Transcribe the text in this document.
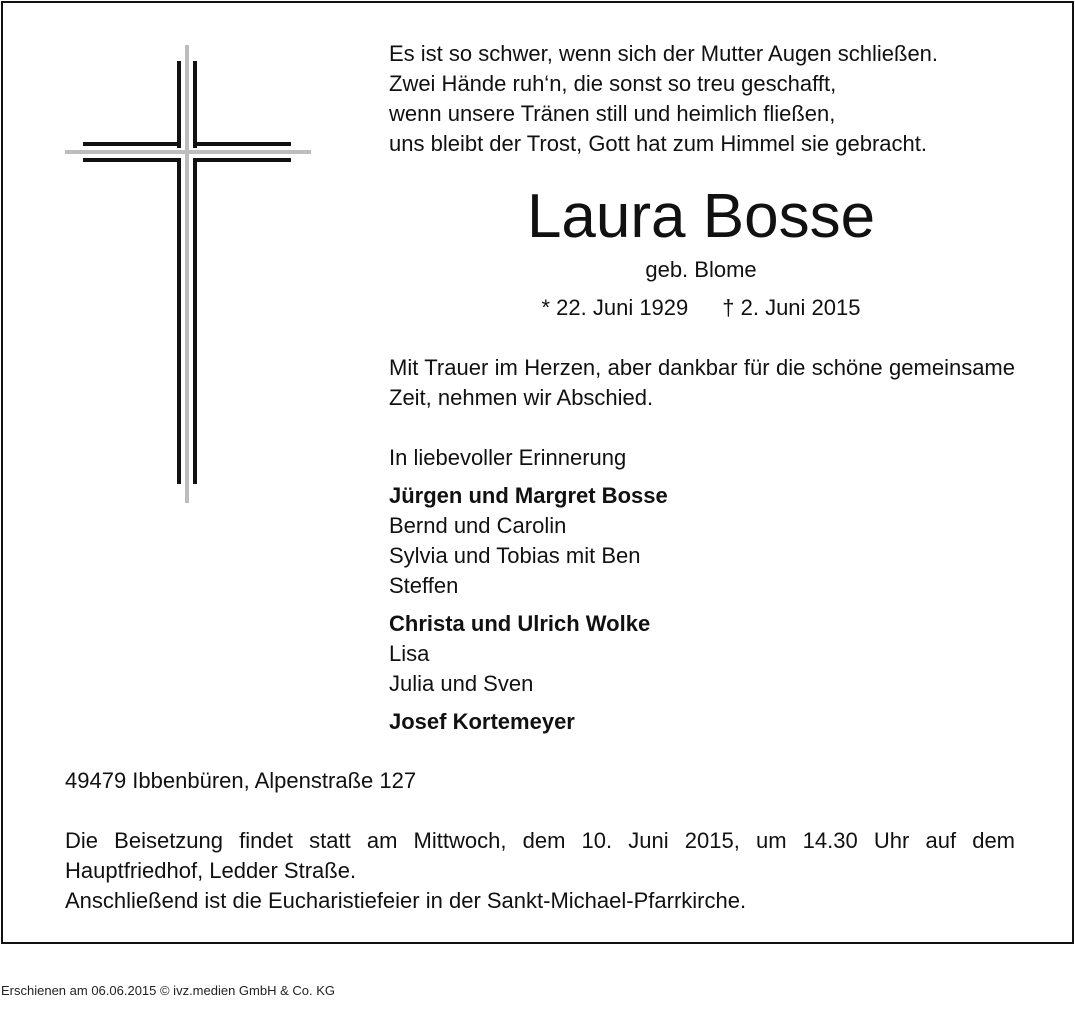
Es ist so schwer, wenn sich der Mutter Augen schließen.
Zwei Hände ruh‘n, die sonst so treu geschafft,
wenn unsere Tränen still und heimlich fließen,
uns bleibt der Trost, Gott hat zum Himmel sie gebracht.
Laura Bosse
geb. Blome
* 22. Juni 1929 † 2. Juni 2015
Mit Trauer im Herzen, aber dankbar für die schöne gemeinsame Zeit, nehmen wir Abschied.
In liebevoller Erinnerung
Jürgen und Margret Bosse
Bernd und Carolin
Sylvia und Tobias mit Ben
Steffen
Christa und Ulrich Wolke
Lisa
Julia und Sven
Josef Kortemeyer
49479 Ibbenbüren, Alpenstraße 127
Die Beisetzung findet statt am Mittwoch, dem 10. Juni 2015, um 14.30 Uhr auf dem Hauptfriedhof, Ledder Straße.
Anschließend ist die Eucharistiefeier in der Sankt-Michael-Pfarrkirche.
Erschienen am 06.06.2015 © ivz.medien GmbH & Co. KG
